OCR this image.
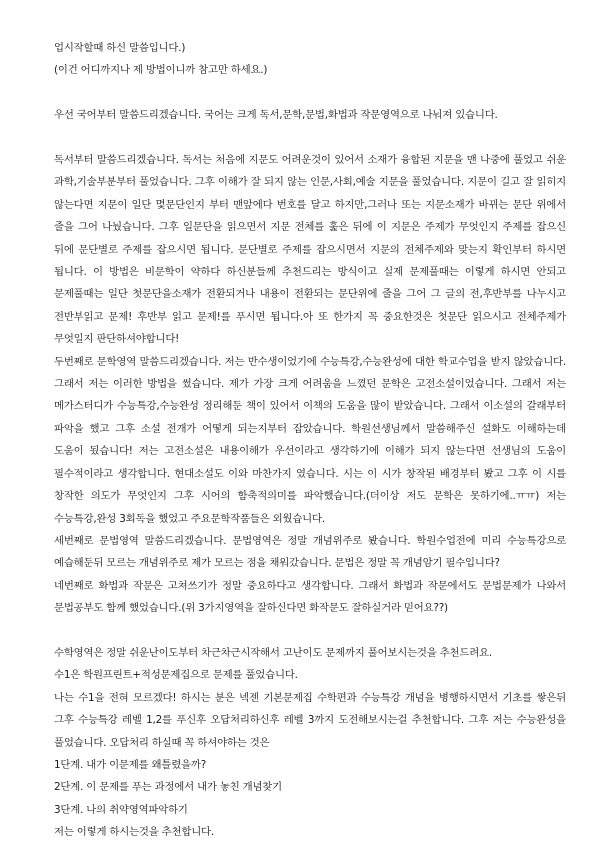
업시작할때 하신 말씀입니다.)

(이건 어디까지나 제 방법이니까 참고만 하세요.)

우선 국어부터 말씀드리겠습니다. 국어는 크게 독서,문학,문법,화법과 작문영역으로 나눠져 있습니다.

독서부터 말씀드리겠습니다. 독서는 처음에 지문도 어려운것이 있어서 소재가 융합된 지문을 맨 나중에 풀었고 쉬운 과학,기술부분부터 풀었습니다. 그후 이해가 잘 되지 않는 인문,사회,예술 지문을 풀었습니다. 지문이 길고 잘 읽히지 않는다면 지문이 일단 몇문단인지 부터 맨앞에다 번호를 달고 하지만,그러나 또는 지문소재가 바뀌는 문단 위에서 줄을 그어 나눴습니다. 그후 일문단을 읽으면서 지문 전체를 훑은 뒤에 이 지문은 주제가 무엇인지 주제를 잡으신 뒤에 문단별로 주제를 잡으시면 됩니다. 문단별로 주제를 잡으시면서 지문의 전체주제와 맞는지 확인부터 하시면 됩니다. 이 방법은 비문학이 약하다 하신분들께 추천드리는 방식이고 실제 문제풀때는 이렇게 하시면 안되고 문제풀때는 일단 첫문단을소재가 전환되거나 내용이 전환되는 문단위에 줄을 그어 그 글의 전,후반부를 나누시고 전반부읽고 문제! 후반부 읽고 문제!를 푸시면 됩니다.아 또 한가지 꼭 중요한것은 첫문단 읽으시고 전체주제가 무엇일지 판단하셔야합니다!

두번째로 문학영역 말씀드리겠습니다. 저는 반수생이었기에 수능특강,수능완성에 대한 학교수업을 받지 않았습니다. 그래서 저는 이러한 방법을 썼습니다. 제가 가장 크게 어려움을 느꼈던 문학은 고전소설이었습니다. 그래서 저는 메가스터디가 수능특강,수능완성 정리해둔 책이 있어서 이책의 도움을 많이 받았습니다. 그래서 이소설의 갈래부터 파악을 했고 그후 소설 전개가 어떻게 되는지부터 잡았습니다. 학원선생님께서 말씀해주신 설화도 이해하는데 도움이 됬습니다! 저는 고전소설은 내용이해가 우선이라고 생각하기에 이해가 되지 않는다면 선생님의 도움이 필수적이라고 생각합니다. 현대소설도 이와 마찬가지 였습니다. 시는 이 시가 창작된 배경부터 봤고 그후 이 시를 창작한 의도가 무엇인지 그후 시어의 함축적의미를 파악했습니다.(더이상 저도 문학은 못하기에..ㅠㅠ) 저는 수능특강,완성 3회독을 했었고 주요문학작품들은 외웠습니다.

세번째로 문법영역 말씀드리겠습니다. 문법영역은 정말 개념위주로 봤습니다. 학원수업전에 미리 수능특강으로 예습해둔뒤 모르는 개념위주로 제가 모르는 점을 채워갔습니다. 문법은 정말 꼭 개념암기 필수입니다?

네번째로 화법과 작문은 고쳐쓰기가 정말 중요하다고 생각합니다. 그래서 화법과 작문에서도 문법문제가 나와서 문법공부도 함께 했었습니다.(위 3가지영역을 잘하신다면 화작문도 잘하실거라 믿어요??)

수학영역은 정말 쉬운난이도부터 차근차근시작해서 고난이도 문제까지 풀어보시는것을 추천드려요.

수1은 학원프린트+적성문제집으로 문제를 풀었습니다.

나는 수1을 전혀 모르겠다! 하시는 분은 넥젠 기본문제집 수학편과 수능특강 개념을 병행하시면서 기초를 쌓은뒤 그후 수능특강 레벨 1,2를 푸신후 오답처리하신후 레벨 3까지 도전해보시는걸 추천합니다. 그후 저는 수능완성을 풀었습니다. 오답처리 하실때 꼭 하셔야하는 것은

1단계. 내가 이문제를 왜틀렸을까?

2단계. 이 문제를 푸는 과정에서 내가 놓친 개념찾기

3단계. 나의 취약영역파악하기

저는 이렇게 하시는것을 추천합니다.
